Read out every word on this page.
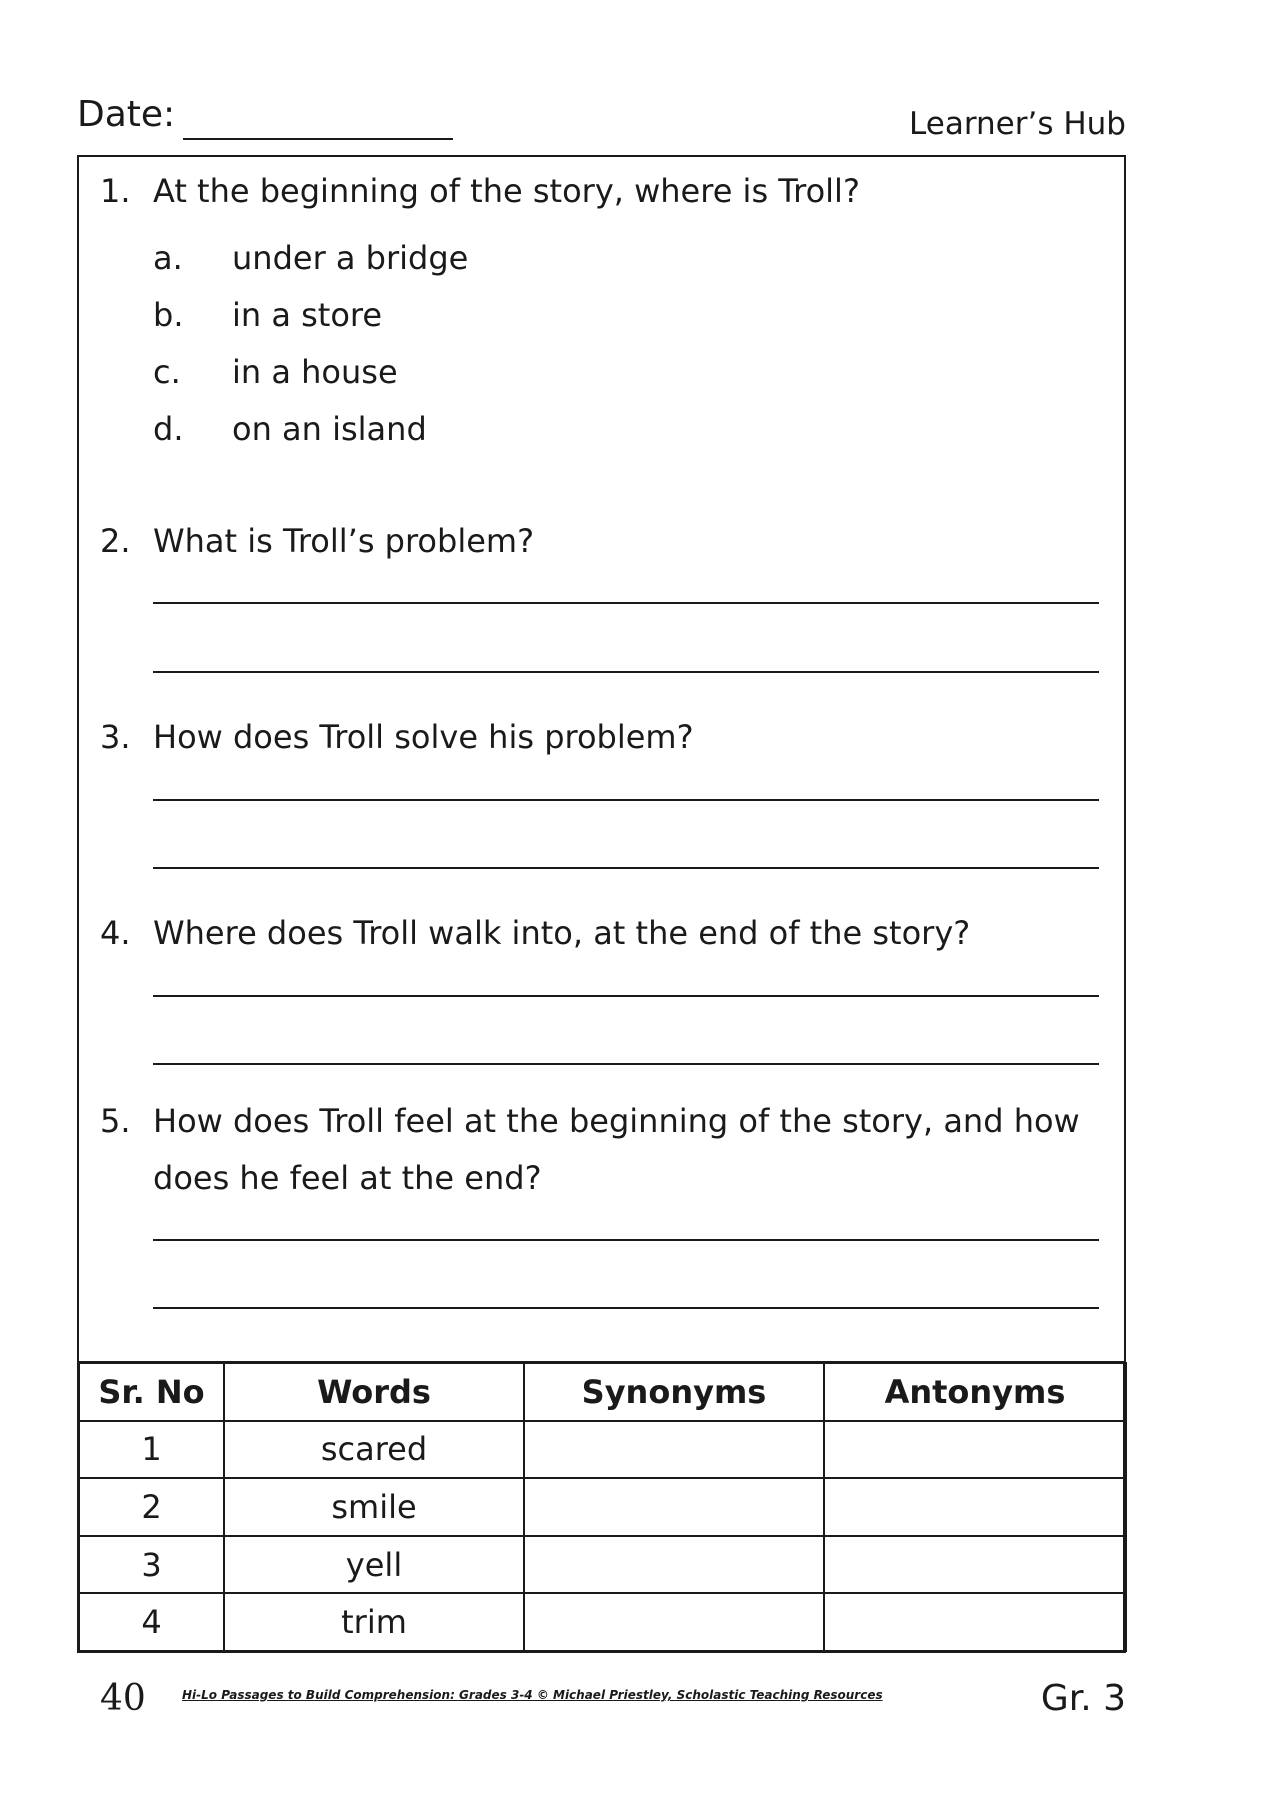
Date:	Learner’s Hub
1. At the beginning of the story, where is Troll?
a. under a bridge
b. in a store
c. in a house
d. on an island
2. What is Troll’s problem?
3. How does Troll solve his problem?
4. Where does Troll walk into, at the end of the story?
5. How does Troll feel at the beginning of the story, and how
does he feel at the end?
Sr. No	Words	Synonyms	Antonyms
1	scared		
2	smile		
3	yell		
4	trim		
40	Hi-Lo Passages to Build Comprehension: Grades 3-4 © Michael Priestley, Scholastic Teaching Resources	Gr. 3
